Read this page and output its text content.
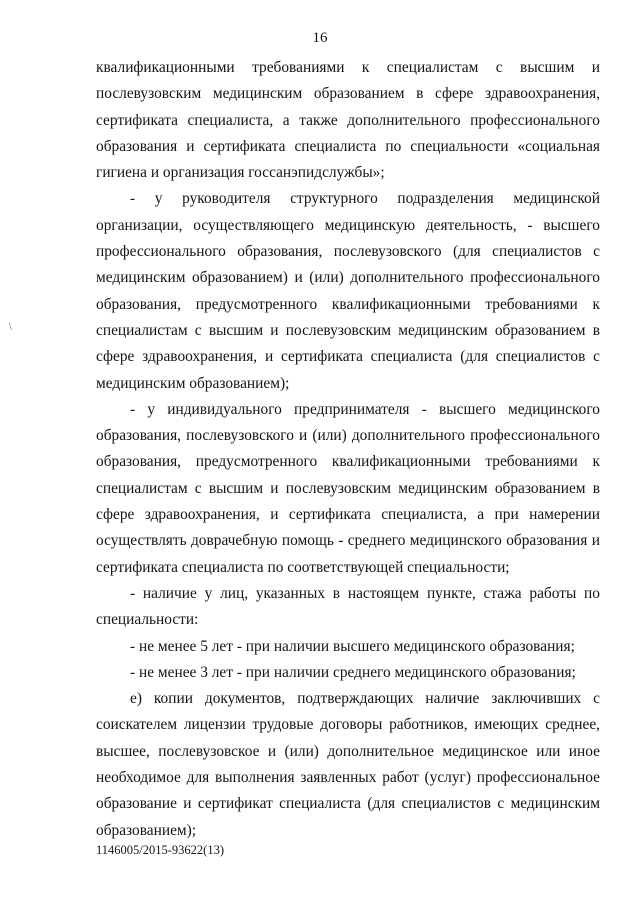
16
\

квалификационными требованиями к специалистам с высшим и послевузовским медицинским образованием в сфере здравоохранения, сертификата специалиста, а также дополнительного профессионального образования и сертификата специалиста по специальности «социальная гигиена и организация госсанэпидслужбы»;

- у руководителя структурного подразделения медицинской организации, осуществляющего медицинскую деятельность, - высшего профессионального образования, послевузовского (для специалистов с медицинским образованием) и (или) дополнительного профессионального образования, предусмотренного квалификационными требованиями к специалистам с высшим и послевузовским медицинским образованием в сфере здравоохранения, и сертификата специалиста (для специалистов с медицинским образованием);

- у индивидуального предпринимателя - высшего медицинского образования, послевузовского и (или) дополнительного профессионального образования, предусмотренного квалификационными требованиями к специалистам с высшим и послевузовским медицинским образованием в сфере здравоохранения, и сертификата специалиста, а при намерении осуществлять доврачебную помощь - среднего медицинского образования и сертификата специалиста по соответствующей специальности;

- наличие у лиц, указанных в настоящем пункте, стажа работы по специальности:

- не менее 5 лет - при наличии высшего медицинского образования;

- не менее 3 лет - при наличии среднего медицинского образования;

е) копии документов, подтверждающих наличие заключивших с соискателем лицензии трудовые договоры работников, имеющих среднее, высшее, послевузовское и (или) дополнительное медицинское или иное необходимое для выполнения заявленных работ (услуг) профессиональное образование и сертификат специалиста (для специалистов с медицинским образованием);

1146005/2015-93622(13)
